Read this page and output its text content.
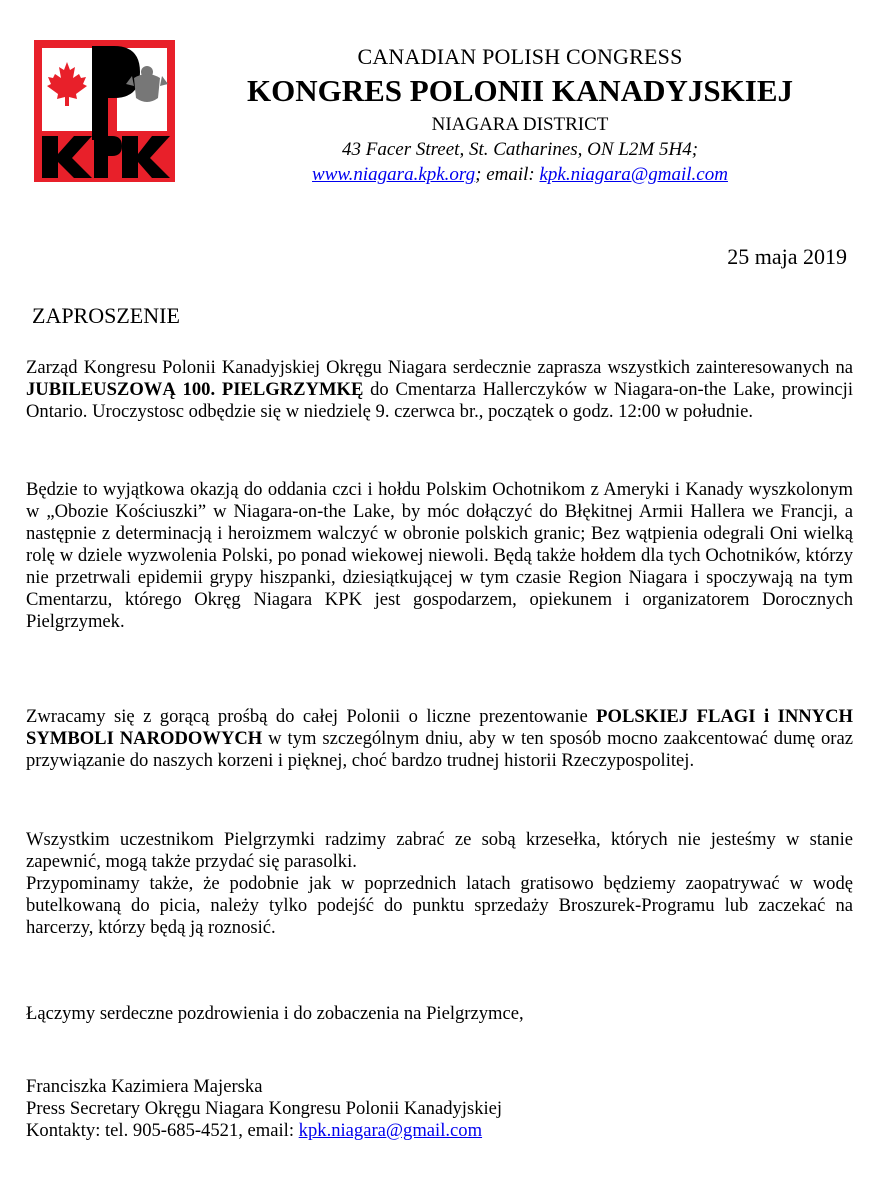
CANADIAN POLISH CONGRESS
KONGRES POLONII KANADYJSKIEJ
NIAGARA DISTRICT
43 Facer Street, St. Catharines, ON L2M 5H4;
www.niagara.kpk.org; email: kpk.niagara@gmail.com
25 maja 2019
ZAPROSZENIE

Zarząd Kongresu Polonii Kanadyjskiej Okręgu Niagara serdecznie zaprasza wszystkich zainteresowanych na JUBILEUSZOWĄ 100. PIELGRZYMKĘ do Cmentarza Hallerczyków w Niagara-on-the Lake, prowincji Ontario. Uroczystosc odbędzie się w niedzielę 9. czerwca br., początek o godz. 12:00 w południe.

Będzie to wyjątkowa okazją do oddania czci i hołdu Polskim Ochotnikom z Ameryki i Kanady wyszkolonym w „Obozie Kościuszki” w Niagara-on-the Lake, by móc dołączyć do Błękitnej Armii Hallera we Francji, a następnie z determinacją i heroizmem walczyć w obronie polskich granic; Bez wątpienia odegrali Oni wielką rolę w dziele wyzwolenia Polski, po ponad wiekowej niewoli. Będą także hołdem dla tych Ochotników, którzy nie przetrwali epidemii grypy hiszpanki, dziesiątkującej w tym czasie Region Niagara i spoczywają na tym Cmentarzu, którego Okręg Niagara KPK jest gospodarzem, opiekunem i organizatorem Dorocznych Pielgrzymek.

Zwracamy się z gorącą prośbą do całej Polonii o liczne prezentowanie POLSKIEJ FLAGI i INNYCH SYMBOLI NARODOWYCH w tym szczególnym dniu, aby w ten sposób mocno zaakcentować dumę oraz przywiązanie do naszych korzeni i pięknej, choć bardzo trudnej historii Rzeczypospolitej.

Wszystkim uczestnikom Pielgrzymki radzimy zabrać ze sobą krzesełka, których nie jesteśmy w stanie zapewnić, mogą także przydać się parasolki.

Przypominamy także, że podobnie jak w poprzednich latach gratisowo będziemy zaopatrywać w wodę butelkowaną do picia, należy tylko podejść do punktu sprzedaży Broszurek-Programu lub zaczekać na harcerzy, którzy będą ją roznosić.

Łączymy serdeczne pozdrowienia i do zobaczenia na Pielgrzymce,

Franciszka Kazimiera Majerska
Press Secretary Okręgu Niagara Kongresu Polonii Kanadyjskiej
Kontakty: tel. 905-685-4521, email: kpk.niagara@gmail.com
